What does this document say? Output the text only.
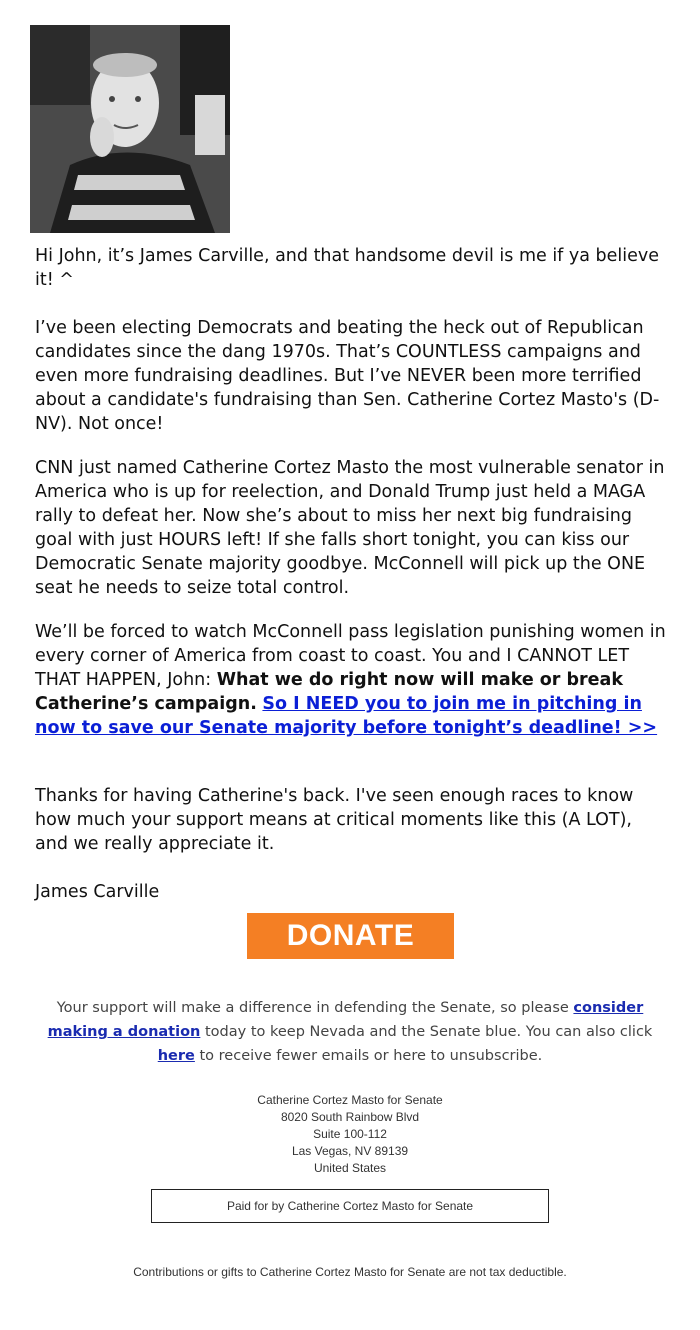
Hi John, it’s James Carville, and that handsome devil is me if ya believe it! ^

I’ve been electing Democrats and beating the heck out of Republican candidates since the dang 1970s. That’s COUNTLESS campaigns and even more fundraising deadlines. But I’ve NEVER been more terrified about a candidate's fundraising than Sen. Catherine Cortez Masto's (D-NV). Not once!

CNN just named Catherine Cortez Masto the most vulnerable senator in America who is up for reelection, and Donald Trump just held a MAGA rally to defeat her. Now she’s about to miss her next big fundraising goal with just HOURS left! If she falls short tonight, you can kiss our Democratic Senate majority goodbye. McConnell will pick up the ONE seat he needs to seize total control.

We’ll be forced to watch McConnell pass legislation punishing women in every corner of America from coast to coast. You and I CANNOT LET THAT HAPPEN, John: What we do right now will make or break Catherine’s campaign. So I NEED you to join me in pitching in now to save our Senate majority before tonight’s deadline! >>

Thanks for having Catherine's back. I've seen enough races to know how much your support means at critical moments like this (A LOT), and we really appreciate it.

James Carville

DONATE
Your support will make a difference in defending the Senate, so please consider making a donation today to keep Nevada and the Senate blue. You can also click here to receive fewer emails or here to unsubscribe.
Catherine Cortez Masto for Senate
8020 South Rainbow Blvd
Suite 100-112
Las Vegas, NV 89139
United States
Paid for by Catherine Cortez Masto for Senate
Contributions or gifts to Catherine Cortez Masto for Senate are not tax deductible.
